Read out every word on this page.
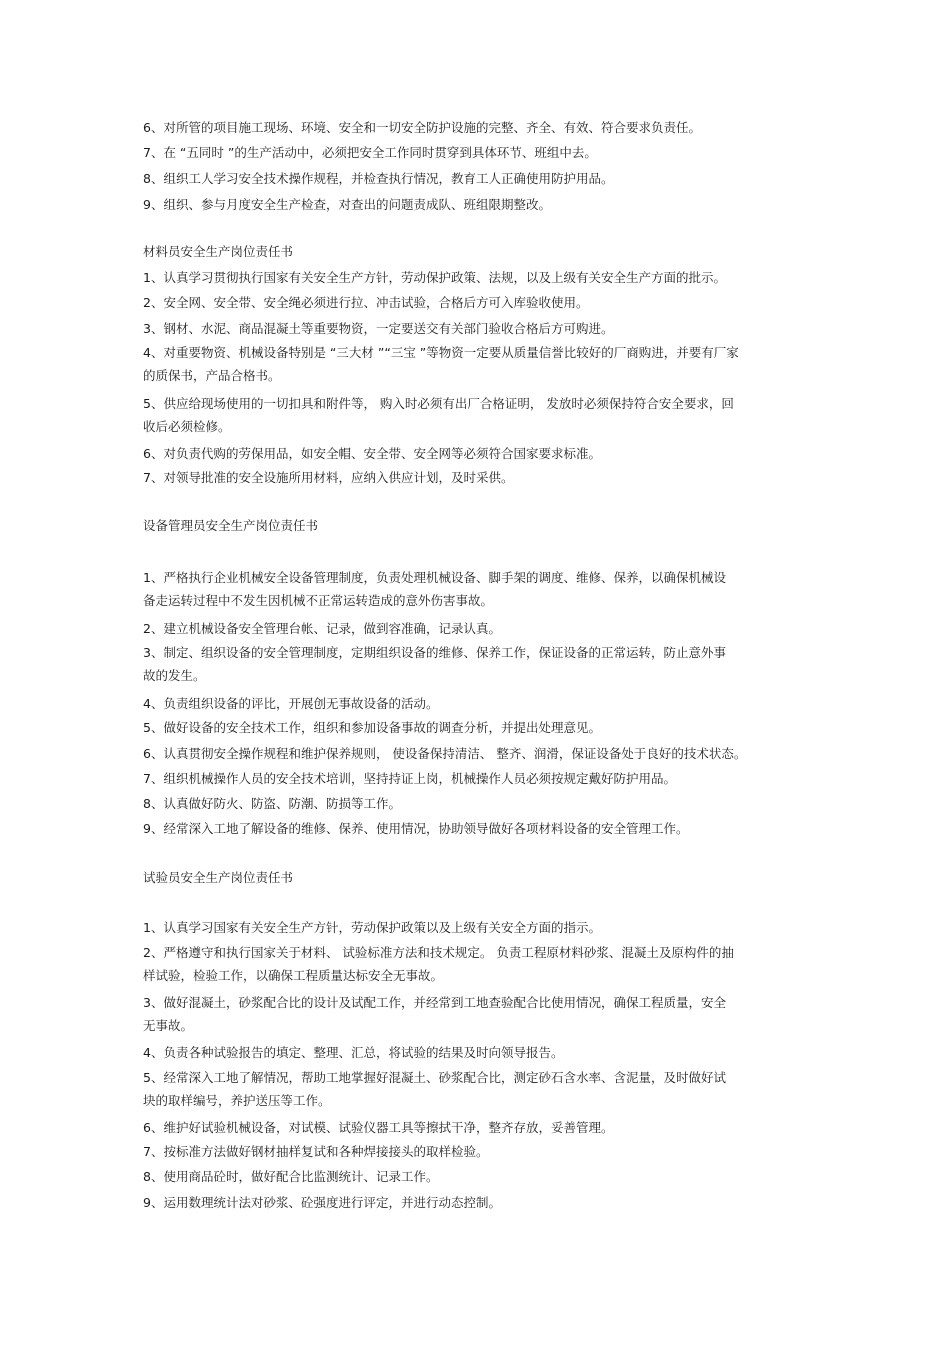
6、对所管的项目施工现场、环境、安全和一切安全防护设施的完整、齐全、有效、符合要求负责任。
7、在 “五同时 ”的生产活动中，必须把安全工作同时贯穿到具体环节、班组中去。
8、组织工人学习安全技术操作规程，并检查执行情况，教育工人正确使用防护用品。
9、组织、参与月度安全生产检查，对查出的问题责成队、班组限期整改。
材料员安全生产岗位责任书
1、认真学习贯彻执行国家有关安全生产方针，劳动保护政策、法规，以及上级有关安全生产方面的批示。
2、安全网、安全带、安全绳必须进行拉、冲击试验，合格后方可入库验收使用。
3、钢材、水泥、商品混凝土等重要物资，一定要送交有关部门验收合格后方可购进。
4、对重要物资、机械设备特别是 “三大材 ”“三宝 ”等物资一定要从质量信誉比较好的厂商购进，并要有厂家
的质保书，产品合格书。
5、供应给现场使用的一切扣具和附件等， 购入时必须有出厂合格证明， 发放时必须保持符合安全要求，回
收后必须检修。
6、对负责代购的劳保用品，如安全帽、安全带、安全网等必须符合国家要求标准。
7、对领导批准的安全设施所用材料，应纳入供应计划，及时采供。
设备管理员安全生产岗位责任书
1、严格执行企业机械安全设备管理制度，负责处理机械设备、脚手架的调度、维修、保养，以确保机械设
备走运转过程中不发生因机械不正常运转造成的意外伤害事故。
2、建立机械设备安全管理台帐、记录，做到容准确，记录认真。
3、制定、组织设备的安全管理制度，定期组织设备的维修、保养工作，保证设备的正常运转，防止意外事
故的发生。
4、负责组织设备的评比，开展创无事故设备的活动。
5、做好设备的安全技术工作，组织和参加设备事故的调查分析，并提出处理意见。
6、认真贯彻安全操作规程和维护保养规则， 使设备保持清洁、 整齐、润滑，保证设备处于良好的技术状态。
7、组织机械操作人员的安全技术培训，坚持持证上岗，机械操作人员必须按规定戴好防护用品。
8、认真做好防火、防盗、防潮、防损等工作。
9、经常深入工地了解设备的维修、保养、使用情况，协助领导做好各项材料设备的安全管理工作。
试验员安全生产岗位责任书
1、认真学习国家有关安全生产方针，劳动保护政策以及上级有关安全方面的指示。
2、严格遵守和执行国家关于材料、 试验标准方法和技术规定。 负责工程原材料砂浆、混凝土及原构件的抽
样试验，检验工作，以确保工程质量达标安全无事故。
3、做好混凝土，砂浆配合比的设计及试配工作，并经常到工地查验配合比使用情况，确保工程质量，安全
无事故。
4、负责各种试验报告的填定、整理、汇总，将试验的结果及时向领导报告。
5、经常深入工地了解情况，帮助工地掌握好混凝土、砂浆配合比，测定砂石含水率、含泥量，及时做好试
块的取样编号，养护送压等工作。
6、维护好试验机械设备，对试模、试验仪器工具等擦拭干净，整齐存放，妥善管理。
7、按标准方法做好钢材抽样复试和各种焊接接头的取样检验。
8、使用商品砼时，做好配合比监测统计、记录工作。
9、运用数理统计法对砂浆、砼强度进行评定，并进行动态控制。
